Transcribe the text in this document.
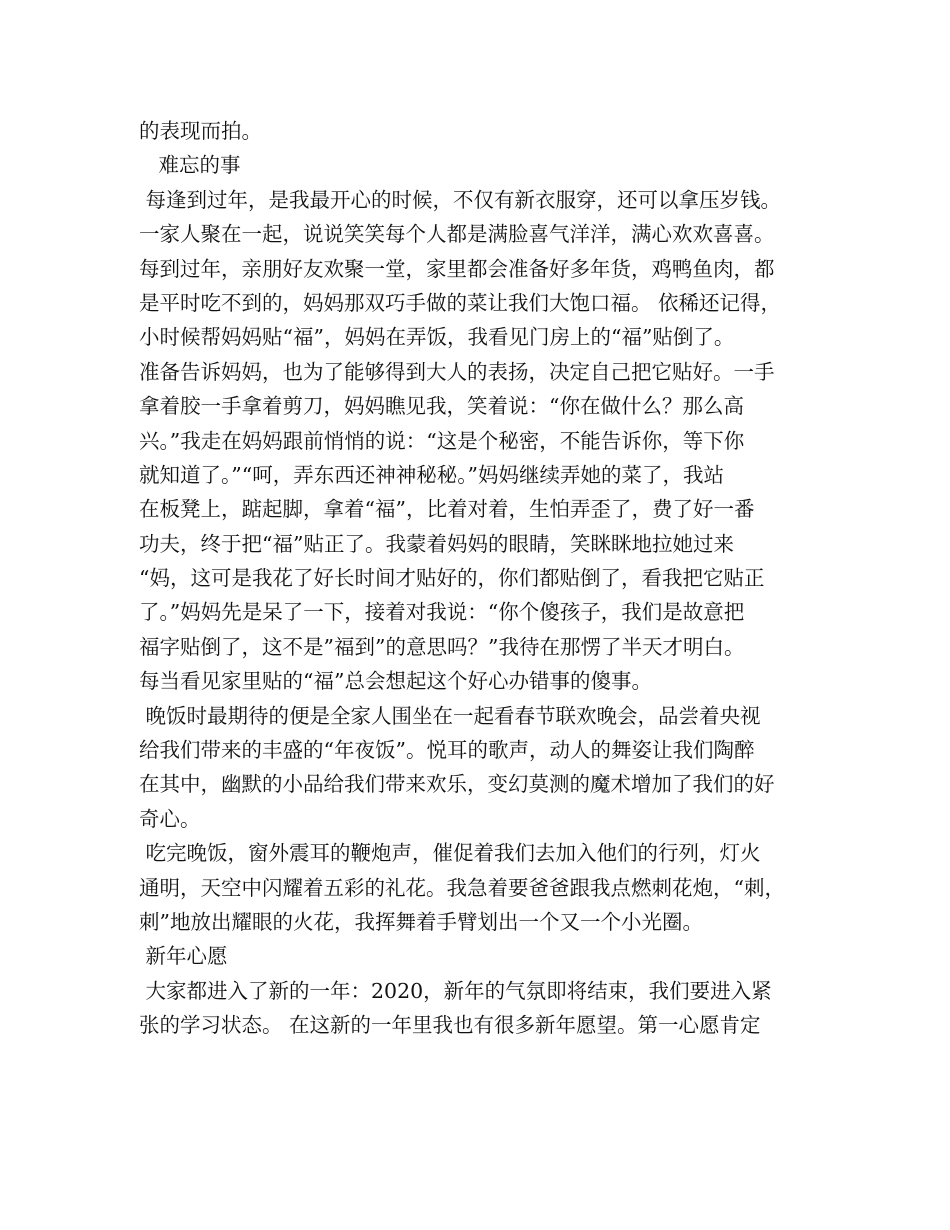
的表现而拍。
难忘的事
每逢到过年，是我最开心的时候，不仅有新衣服穿，还可以拿压岁钱。
一家人聚在一起，说说笑笑每个人都是满脸喜气洋洋，满心欢欢喜喜。
每到过年，亲朋好友欢聚一堂，家里都会准备好多年货，鸡鸭鱼肉，都
是平时吃不到的，妈妈那双巧手做的菜让我们大饱口福。 依稀还记得，
小时候帮妈妈贴“福”，妈妈在弄饭，我看见门房上的“福”贴倒了。
准备告诉妈妈，也为了能够得到大人的表扬，决定自己把它贴好。一手
拿着胶一手拿着剪刀，妈妈瞧见我，笑着说：“你在做什么？那么高
兴。”我走在妈妈跟前悄悄的说：“这是个秘密，不能告诉你，等下你
就知道了。”“呵，弄东西还神神秘秘。”妈妈继续弄她的菜了，我站
在板凳上，踮起脚，拿着“福”，比着对着，生怕弄歪了，费了好一番
功夫，终于把“福”贴正了。我蒙着妈妈的眼睛，笑眯眯地拉她过来
“妈，这可是我花了好长时间才贴好的，你们都贴倒了，看我把它贴正
了。”妈妈先是呆了一下，接着对我说：“你个傻孩子，我们是故意把
福字贴倒了，这不是”福到”的意思吗？”我待在那愣了半天才明白。
每当看见家里贴的“福”总会想起这个好心办错事的傻事。
晚饭时最期待的便是全家人围坐在一起看春节联欢晚会，品尝着央视
给我们带来的丰盛的“年夜饭”。悦耳的歌声，动人的舞姿让我们陶醉
在其中，幽默的小品给我们带来欢乐，变幻莫测的魔术增加了我们的好
奇心。
吃完晚饭，窗外震耳的鞭炮声，催促着我们去加入他们的行列，灯火
通明，天空中闪耀着五彩的礼花。我急着要爸爸跟我点燃刺花炮，“刺，
刺”地放出耀眼的火花，我挥舞着手臂划出一个又一个小光圈。
新年心愿
大家都进入了新的一年：2020，新年的气氛即将结束，我们要进入紧
张的学习状态。 在这新的一年里我也有很多新年愿望。第一心愿肯定
